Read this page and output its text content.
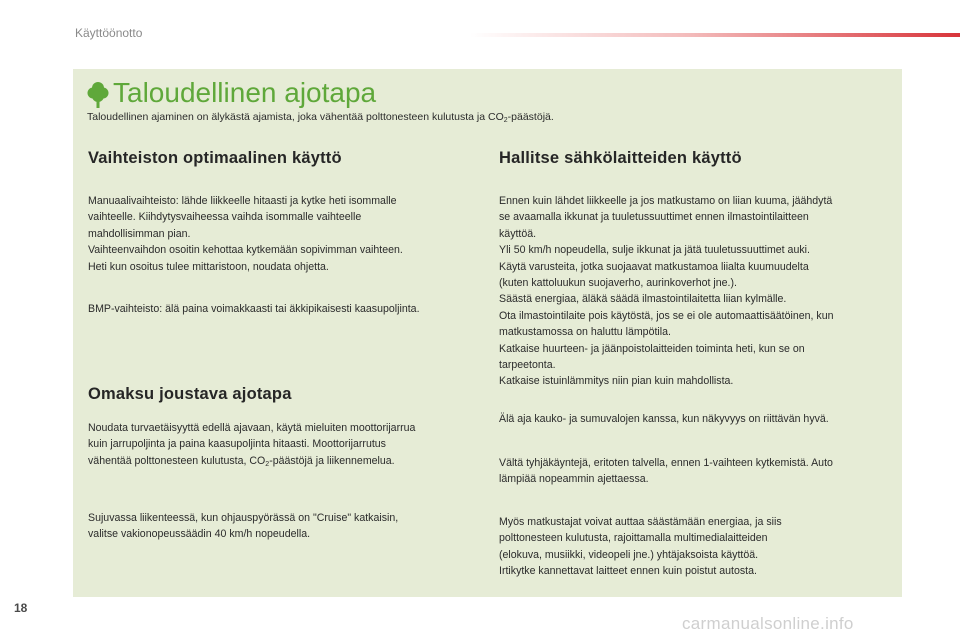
Käyttöönotto
Taloudellinen ajotapa

Taloudellinen ajaminen on älykästä ajamista, joka vähentää polttonesteen kulutusta ja $CO_2$-päästöjä.

Vaihteiston optimaalinen käyttö

Manuaalivaihteisto: lähde liikkeelle hitaasti ja kytke heti isommalle
vaihteelle. Kiihdytysvaiheessa vaihda isommalle vaihteelle
mahdollisimman pian.
Vaihteenvaihdon osoitin kehottaa kytkemään sopivimman vaihteen.
Heti kun osoitus tulee mittaristoon, noudata ohjetta.

BMP-vaihteisto: älä paina voimakkaasti tai äkkipikaisesti kaasupoljinta.

Omaksu joustava ajotapa

Noudata turvaetäisyyttä edellä ajavaan, käytä mieluiten moottorijarrua
kuin jarrupoljinta ja paina kaasupoljinta hitaasti. Moottorijarrutus
vähentää polttonesteen kulutusta, $CO_2$-päästöjä ja liikennemelua.

Sujuvassa liikenteessä, kun ohjauspyörässä on "Cruise" katkaisin,
valitse vakionopeussäädin 40 km/h nopeudella.

Hallitse sähkölaitteiden käyttö

Ennen kuin lähdet liikkeelle ja jos matkustamo on liian kuuma, jäähdytä
se avaamalla ikkunat ja tuuletussuuttimet ennen ilmastointilaitteen
käyttöä.
Yli 50 km/h nopeudella, sulje ikkunat ja jätä tuuletussuuttimet auki.
Käytä varusteita, jotka suojaavat matkustamoa liialta kuumuudelta
(kuten kattoluukun suojaverho, aurinkoverhot jne.).
Säästä energiaa, äläkä säädä ilmastointilaitetta liian kylmälle.
Ota ilmastointilaite pois käytöstä, jos se ei ole automaattisäätöinen, kun
matkustamossa on haluttu lämpötila.
Katkaise huurteen- ja jäänpoistolaitteiden toiminta heti, kun se on
tarpeetonta.
Katkaise istuinlämmitys niin pian kuin mahdollista.

Älä aja kauko- ja sumuvalojen kanssa, kun näkyvyys on riittävän hyvä.

Vältä tyhjäkäyntejä, eritoten talvella, ennen 1-vaihteen kytkemistä. Auto
lämpiää nopeammin ajettaessa.

Myös matkustajat voivat auttaa säästämään energiaa, ja siis
polttonesteen kulutusta, rajoittamalla multimedialaitteiden
(elokuva, musiikki, videopeli jne.) yhtäjaksoista käyttöä.
Irtikytke kannettavat laitteet ennen kuin poistut autosta.

18
carmanualsonline.info
